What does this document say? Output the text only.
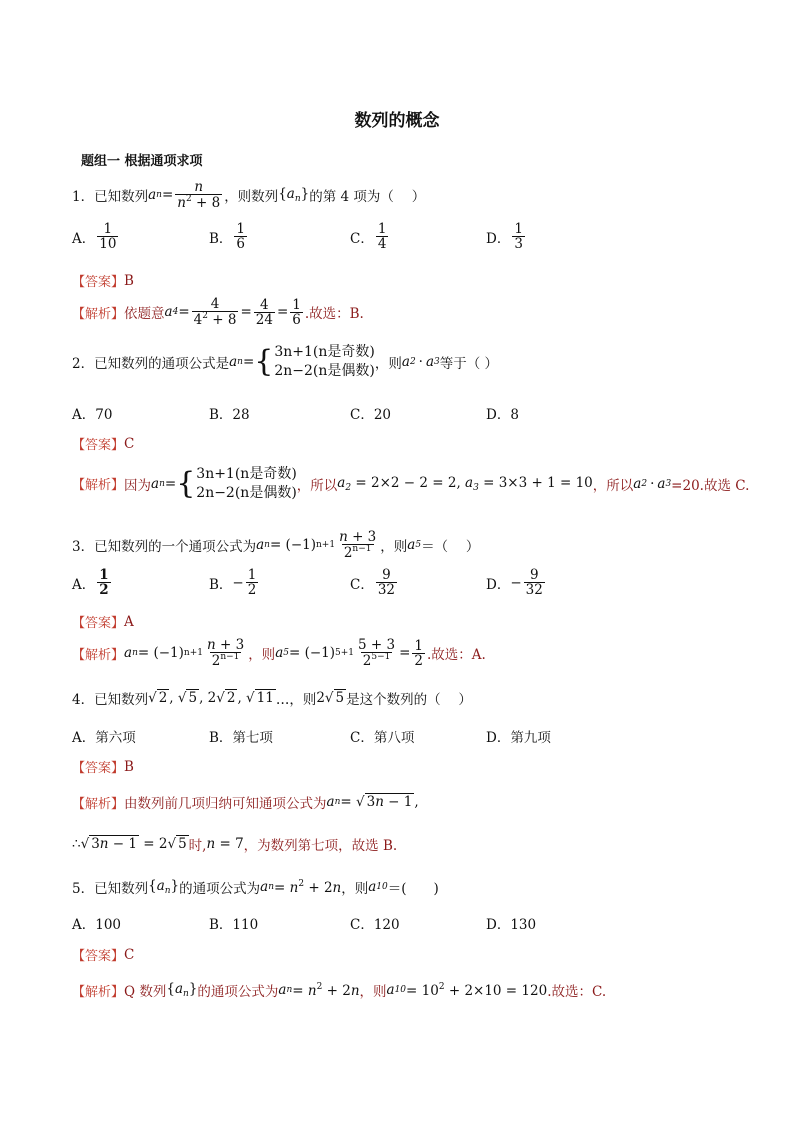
数列的概念
题组一 根据通项求项
1． 已知数列 a $n = \frac{n}{n^2 + 8}$ ，则数列 $\{a_n\}$ 的第 4 项为（　 ）
A． $\frac{1}{10}$	B． $\frac{1}{6}$	C． $\frac{1}{4}$	D． $\frac{1}{3}$
【答案】 B
【解析】 依题意 a $4 = \frac{4}{4^2 + 8} = \frac{4}{24} = \frac{1}{6}$ .故选：B.
2． 已知数列的通项公式是 a n = { 3n+1(n是奇数)
2n−2(n是偶数) ，则 a 2 · a 3 等于（ ）
A．70	B．28	C．20	D．8
【答案】 C
【解析】 因为 a n = { 3n+1(n是奇数)
2n−2(n是偶数) ，所以 $a_2 = 2\times 2 - 2 = 2$, $a_3 = 3\times 3 + 1 = 10$ ，所以 a 2 · a 3 =20.故选 C.
3． 已知数列的一个通项公式为 a n = (−1) $n+1 \frac{n + 3}{2^{n-1}}$ ，则 a 5 ＝（　 ）
A． $\frac{1}{2}$	B． − $\frac{1}{2}$	C． $\frac{9}{32}$	D． − $\frac{9}{32}$
【答案】 A
【解析】 a n = (−1) $n+1 \frac{n + 3}{2^{n-1}}$ ，则 a 5 = (−1) $5+1 \frac{5 + 3}{2^{5-1}} = \frac{1}{2}$ .故选：A.
4． 已知数列 √ 2 , √ 5 , 2√ 2 , √ 11 …，则 2√ 5 是这个数列的（　 ）
A．第六项	B．第七项	C．第八项	D．第九项
【答案】 B
【解析】 由数列前几项归纳可知通项公式为 a n = √ 3n − 1 ,
∴ √ 3n − 1 = 2√ 5 时, n = 7 ，为数列第七项，故选 B.
5． 已知数列 $\{a_n\}$ 的通项公式为 a $n = n^2 + 2n$ ，则 a 10 ＝(　　)
A．100	B．110	C．120	D．130
【答案】 C
【解析】 Q 数列 $\{a_n\}$ 的通项公式为 a $n = n^2 + 2n$ ，则 a $10 = 10^2 + 2\times 10 = 120$ .故选：C.
